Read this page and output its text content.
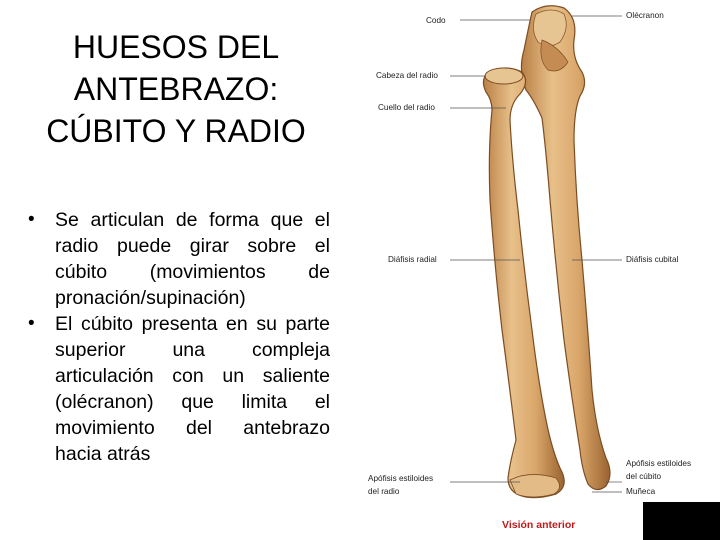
HUESOS DEL
ANTEBRAZO:
CÚBITO Y RADIO
• Se articulan de forma que el radio puede girar sobre el cúbito (movimientos de pronación/supinación)
• El cúbito presenta en su parte superior una compleja articulación con un saliente (olécranon) que limita el movimiento del antebrazo hacia atrás
Codo
Olécranon
Cabeza del radio
Cuello del radio
Diáfisis radial	Diáfisis cubital
Apófisis estiloides
del radio
Apófisis estiloides
del cúbito
Muñeca
Visión anterior
